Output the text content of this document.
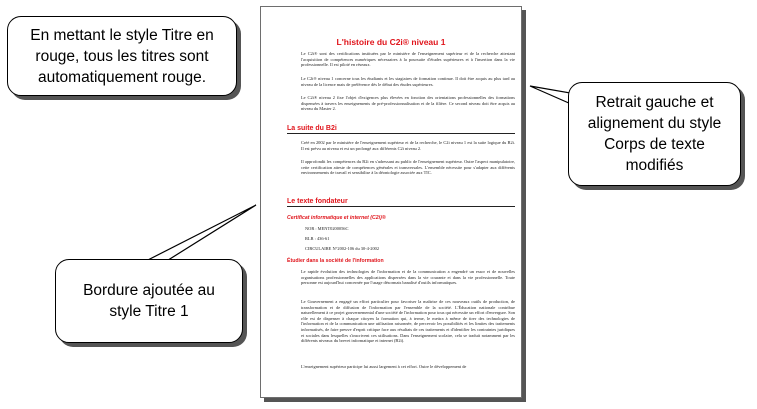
L'histoire du C2i® niveau 1
Le C2i® sont des certifications instituées par le ministère de l'enseignement supérieur et de la recherche attestant l'acquisition de compétences numériques nécessaires à la poursuite d'études supérieures et à l'insertion dans la vie professionnelle. Il est piloté en réseaux.
Le C2i® niveau 1 concerne tous les étudiants et les stagiaires de formation continue. Il doit être acquis au plus tard au niveau de la licence mais de préférence dès le début des études supérieures.
Le C2i® niveau 2 fixe l'objet d'exigences plus élevées en fonction des orientations professionnelles des formations dispensées à travers les enseignements de pré-professionnalisation et de la filière. Ce second niveau doit être acquis au niveau du Master 2.
La suite du B2i
Créé en 2002 par le ministère de l'enseignement supérieur et de la recherche, le C2i niveau 1 est la suite logique du B2i. Il est prévu au niveau et est un prolongé aux différents C2i niveau 2.
Il approfondit les compétences du B2i en s'adressant au public de l'enseignement supérieur. Outre l'aspect manipulatoire, cette certification atteste de compétences générales et transversales. L'ensemble nécessite pour s'adapter aux différents environnements de travail et sensibilise à la déontologie associée aux TIC.
Le texte fondateur
Certificat informatique et internet (C2i)®
NOR : MENT0200056C
RLR : 436-61
CIRCULAIRE N°2002-106 du 30-4-2002
Étudier dans la société de l'information
Le rapide évolution des technologies de l'information et de la communication a engendré un essor et de nouvelles organisations professionnelles des applications dispersées dans la vie courante et dans la vie professionnelle. Toute personne est aujourd'hui concernée par l'usage désormais banalisé d'outils informatiques.
Le Gouvernement a engagé un effort particulier pour favoriser la maîtrise de ces nouveaux outils de production, de transformation et de diffusion de l'information par l'ensemble de la société. L'Éducation nationale contribue naturellement à ce projet gouvernemental d'une société de l'information pour tous qui nécessite un effort d'envergure. Son rôle est de dispenser à chaque citoyen la formation qui, à terme, le mettra à même de tirer des technologies de l'information et de la communication une utilisation raisonnée, de percevoir les possibilités et les limites des traitements informatisés, de faire preuve d'esprit critique face aux résultats de ces traitements et d'identifier les contraintes juridiques et sociales dans lesquelles s'inscrivent ces utilisations. Dans l'enseignement scolaire, cela se traduit notamment par les différents niveaux du brevet informatique et internet (B2i).
L'enseignement supérieur participe lui aussi largement à cet effort. Outre le développement de
En mettant le style Titre en rouge, tous les titres sont automatiquement rouge.
Retrait gauche et alignement du style Corps de texte modifiés
Bordure ajoutée au style Titre 1
